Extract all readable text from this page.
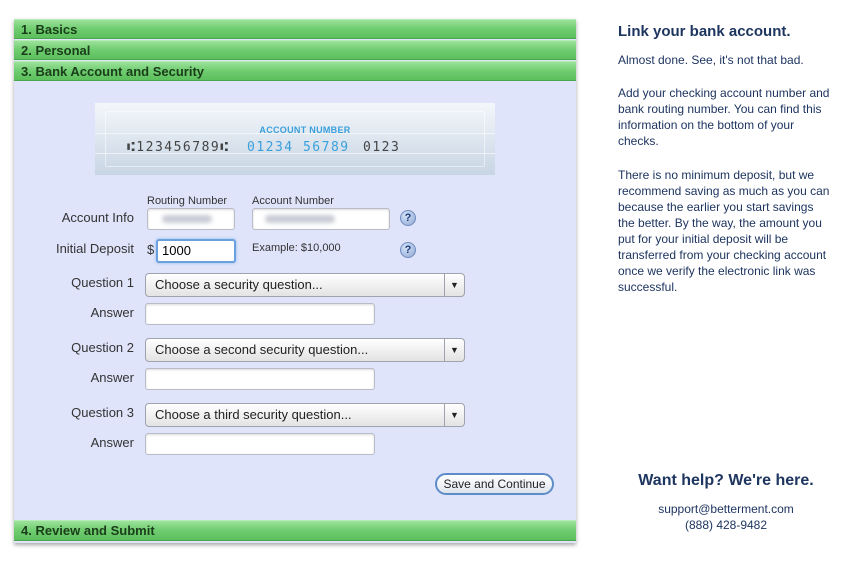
1. Basics
2. Personal
3. Bank Account and Security
ACCOUNT NUMBER
⑆123456789⑆ 01234 56789 0123
Routing Number Account Number
Account Info	?
Initial Deposit $ 1000	Example: $10,000	?
Question 1	Choose a security question...	▼
Answer
Question 2	Choose a second security question...	▼
Answer
Question 3	Choose a third security question...	▼
Answer
Save and Continue
4. Review and Submit
Link your bank account.
Almost done. See, it's not that bad.
Add your checking account number and bank routing number. You can find this information on the bottom of your checks.
There is no minimum deposit, but we recommend saving as much as you can because the earlier you start savings the better. By the way, the amount you put for your initial deposit will be transferred from your checking account once we verify the electronic link was successful.
Want help? We're here.
support@betterment.com
(888) 428-9482
